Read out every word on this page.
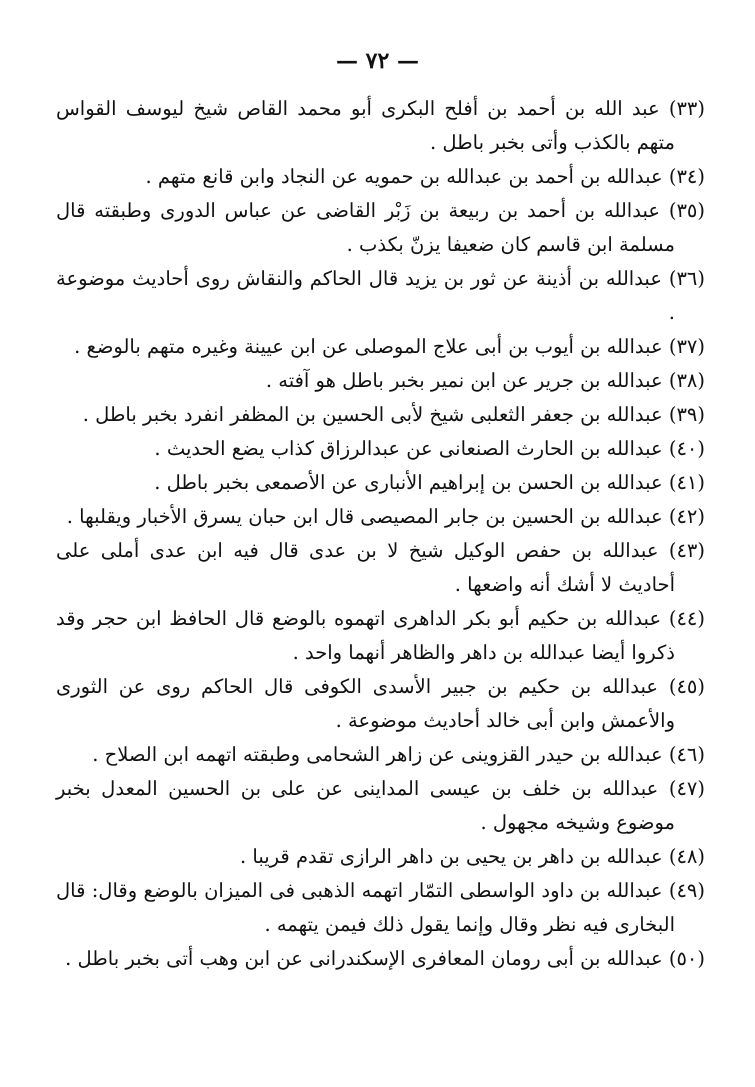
— ٧٢ —

(٣٣) عبد الله بن أحمد بن أفلح البكرى أبو محمد القاص شيخ ليوسف القواس متهم بالكذب وأتى بخبر باطل .

(٣٤) عبدالله بن أحمد بن عبدالله بن حمويه عن النجاد وابن قانع متهم .

(٣٥) عبدالله بن أحمد بن ربيعة بن زَبْر القاضى عن عباس الدورى وطبقته قال مسلمة ابن قاسم كان ضعيفا يزنّ بكذب .

(٣٦) عبدالله بن أذينة عن ثور بن يزيد قال الحاكم والنقاش روى أحاديث موضوعة .

(٣٧) عبدالله بن أيوب بن أبى علاج الموصلى عن ابن عيينة وغيره متهم بالوضع .

(٣٨) عبدالله بن جرير عن ابن نمير بخبر باطل هو آفته .

(٣٩) عبدالله بن جعفر الثعلبى شيخ لأبى الحسين بن المظفر انفرد بخبر باطل .

(٤٠) عبدالله بن الحارث الصنعانى عن عبدالرزاق كذاب يضع الحديث .

(٤١) عبدالله بن الحسن بن إبراهيم الأنبارى عن الأصمعى بخبر باطل .

(٤٢) عبدالله بن الحسين بن جابر المصيصى قال ابن حبان يسرق الأخبار ويقلبها .

(٤٣) عبدالله بن حفص الوكيل شيخ لا بن عدى قال فيه ابن عدى أملى على أحاديث لا أشك أنه واضعها .

(٤٤) عبدالله بن حكيم أبو بكر الداهرى اتهموه بالوضع قال الحافظ ابن حجر وقد ذكروا أيضا عبدالله بن داهر والظاهر أنهما واحد .

(٤٥) عبدالله بن حكيم بن جبير الأسدى الكوفى قال الحاكم روى عن الثورى والأعمش وابن أبى خالد أحاديث موضوعة .

(٤٦) عبدالله بن حيدر القزوينى عن زاهر الشحامى وطبقته اتهمه ابن الصلاح .

(٤٧) عبدالله بن خلف بن عيسى المداينى عن على بن الحسين المعدل بخبر موضوع وشيخه مجهول .

(٤٨) عبدالله بن داهر بن يحيى بن داهر الرازى تقدم قريبا .

(٤٩) عبدالله بن داود الواسطى التمّار اتهمه الذهبى فى الميزان بالوضع وقال: قال البخارى فيه نظر وقال وإنما يقول ذلك فيمن يتهمه .

(٥٠) عبدالله بن أبى رومان المعافرى الإسكندرانى عن ابن وهب أتى بخبر باطل .
